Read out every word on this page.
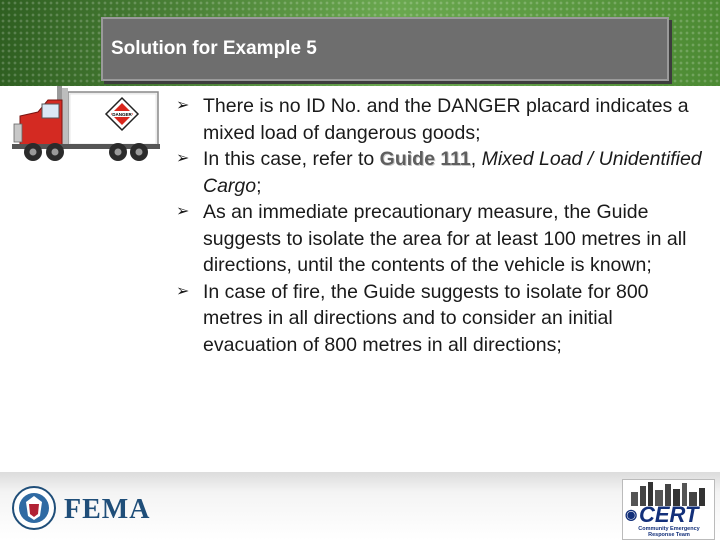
Solution for Example 5
DANGER
➢ There is no ID No. and the DANGER placard indicates a mixed load of dangerous goods;
➢ In this case, refer to Guide 111, Mixed Load / Unidentified Cargo;
➢ As an immediate precautionary measure, the Guide suggests to isolate the area for at least 100 metres in all directions, until the contents of the vehicle is known;
➢ In case of fire, the Guide suggests to isolate for 800 metres in all directions and to consider an initial evacuation of 800 metres in all directions;
FEMA	◉ CERT
Community Emergency Response Team
